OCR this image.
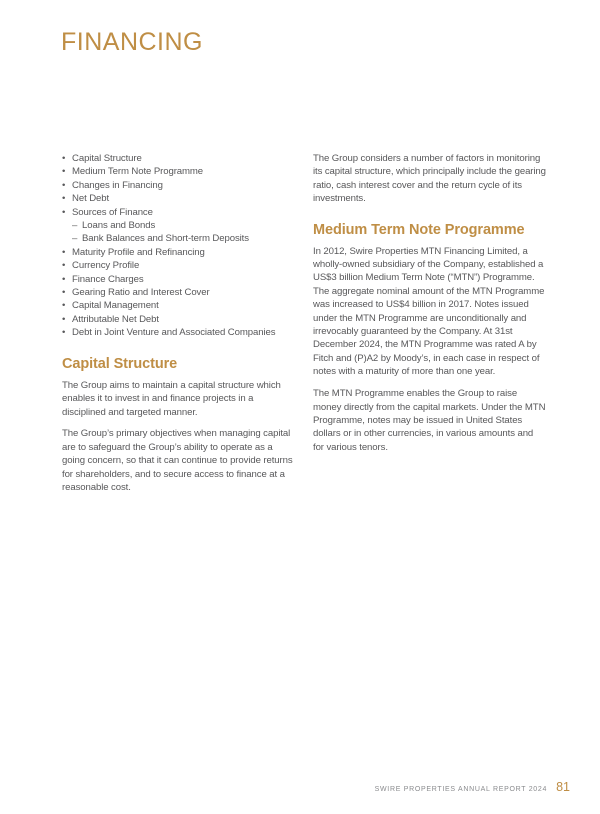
FINANCING
• Capital Structure
• Medium Term Note Programme
• Changes in Financing
• Net Debt
• Sources of Finance
– Loans and Bonds
– Bank Balances and Short-term Deposits
• Maturity Profile and Refinancing
• Currency Profile
• Finance Charges
• Gearing Ratio and Interest Cover
• Capital Management
• Attributable Net Debt
• Debt in Joint Venture and Associated Companies
Capital Structure

The Group aims to maintain a capital structure which enables it to invest in and finance projects in a disciplined and targeted manner.

The Group’s primary objectives when managing capital are to safeguard the Group’s ability to operate as a going concern, so that it can continue to provide returns for shareholders, and to secure access to finance at a reasonable cost.

The Group considers a number of factors in monitoring its capital structure, which principally include the gearing ratio, cash interest cover and the return cycle of its investments.

Medium Term Note Programme

In 2012, Swire Properties MTN Financing Limited, a wholly-owned subsidiary of the Company, established a US$3 billion Medium Term Note (“MTN”) Programme. The aggregate nominal amount of the MTN Programme was increased to US$4 billion in 2017. Notes issued under the MTN Programme are unconditionally and irrevocably guaranteed by the Company. At 31st December 2024, the MTN Programme was rated A by Fitch and (P)A2 by Moody’s, in each case in respect of notes with a maturity of more than one year.

The MTN Programme enables the Group to raise money directly from the capital markets. Under the MTN Programme, notes may be issued in United States dollars or in other currencies, in various amounts and for various tenors.

SWIRE PROPERTIES ANNUAL REPORT 2024 81
